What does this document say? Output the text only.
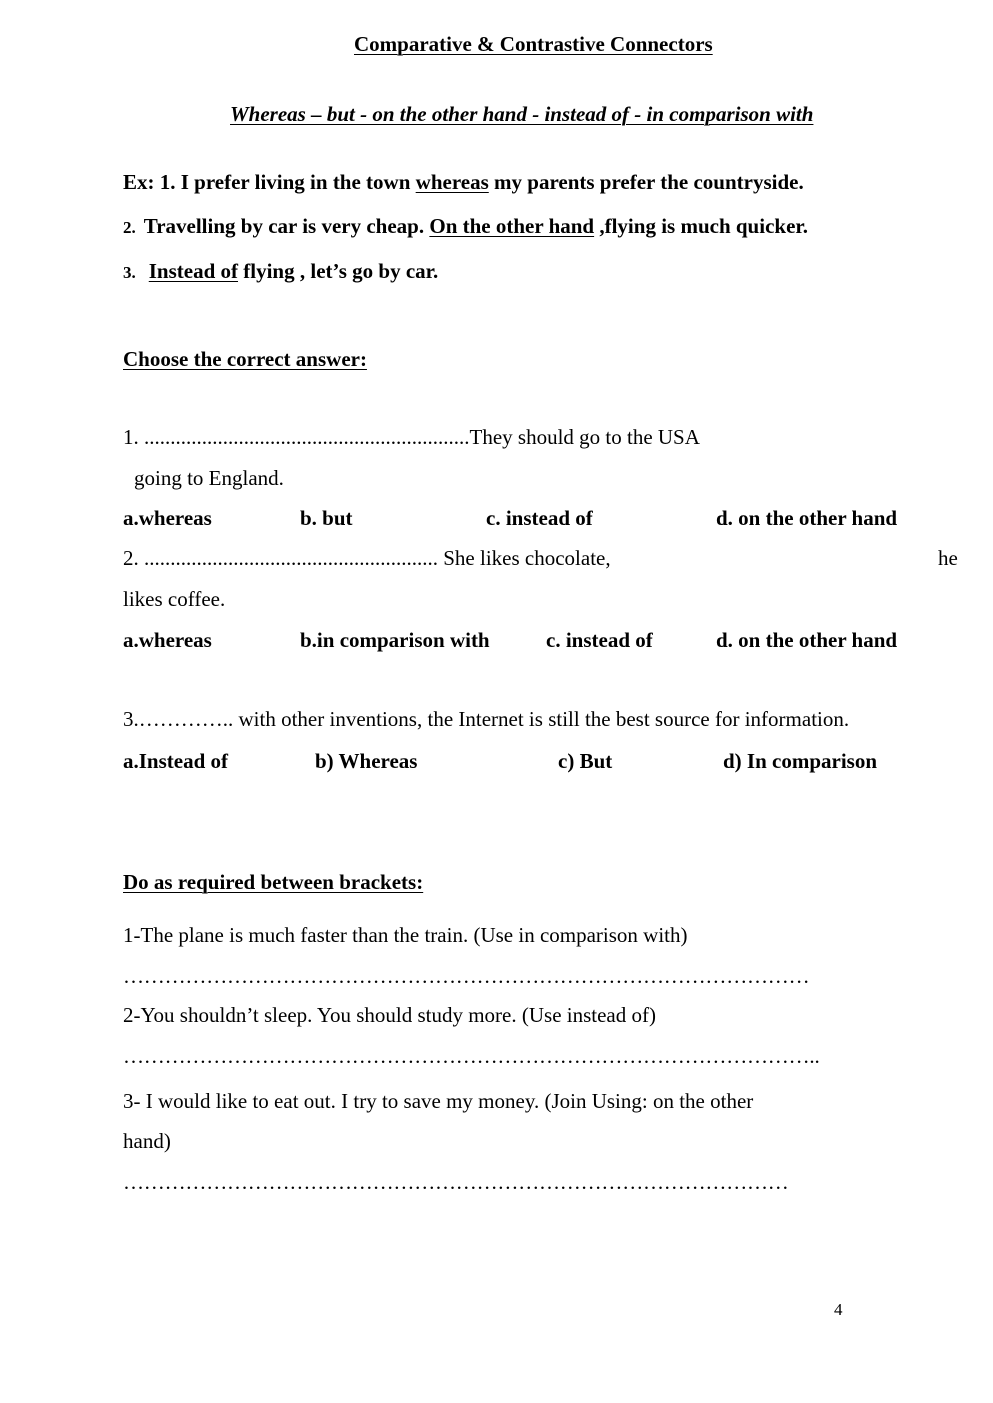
Comparative & Contrastive Connectors
Whereas – but - on the other hand - instead of - in comparison with
Ex: 1. I prefer living in the town whereas my parents prefer the countryside.
2. Travelling by car is very cheap. On the other hand ,flying is much quicker.
3. Instead of flying , let’s go by car.
Choose the correct answer:
1. ..............................................................They should go to the USA
going to England.
a.whereas	b. but	c. instead of	d. on the other hand
2. ........................................................ She likes chocolate,	he
likes coffee.
a.whereas	b.in comparison with	c. instead of	d. on the other hand
3.………….. with other inventions, the Internet is still the best source for information.
a.Instead of	b) Whereas	c) But	d) In comparison
Do as required between brackets:
1-The plane is much faster than the train. (Use in comparison with)
………………………………………………………………………………………
2-You shouldn’t sleep. You should study more. (Use instead of)
………………………………………………………………………………………..
3- I would like to eat out. I try to save my money. (Join Using: on the other
hand)
……………………………………………………………………………………
4
